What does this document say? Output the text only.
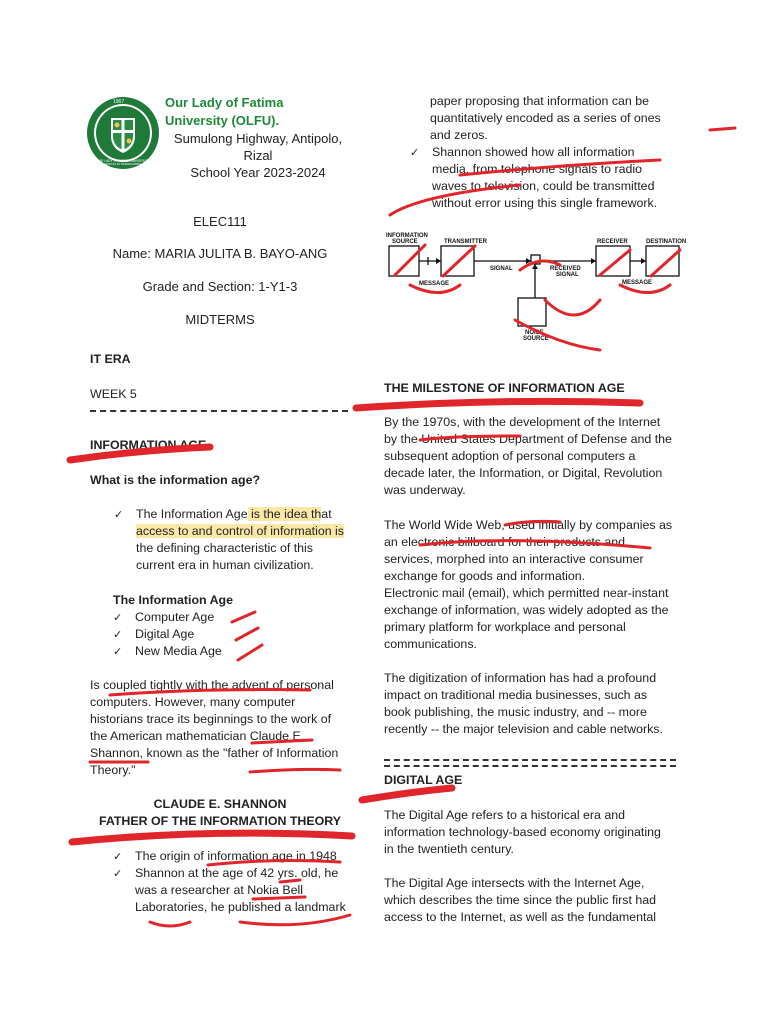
1967
OUR LADY OF FATIMA UNIVERSITY
VERITAS ET MISERICORDIA
Our Lady of Fatima
University (OLFU).
Sumulong Highway, Antipolo,
Rizal
School Year 2023-2024
ELEC111
Name: MARIA JULITA B. BAYO-ANG
Grade and Section: 1-Y1-3
MIDTERMS
IT ERA
WEEK 5
INFORMATION AGE
What is the information age?
✓ The Information Age is the idea that
access to and control of information is
the defining characteristic of this
current era in human civilization.
The Information Age
✓ Computer Age
✓ Digital Age
✓ New Media Age
Is coupled tightly with the advent of personal
computers. However, many computer
historians trace its beginnings to the work of
the American mathematician Claude E.
Shannon, known as the "father of Information
Theory."
CLAUDE E. SHANNON
FATHER OF THE INFORMATION THEORY
✓ The origin of information age in 1948
✓ Shannon at the age of 42 yrs. old, he
was a researcher at Nokia Bell
Laboratories, he published a landmark
paper proposing that information can be
quantitatively encoded as a series of ones
and zeros.
✓ Shannon showed how all information
media, from telephone signals to radio
waves to television, could be transmitted
without error using this single framework.
INFORMATION
SOURCE	TRANSMITTER
SIGNAL	RECEIVED
SIGNAL
RECEIVER	DESTINATION
MESSAGE	MESSAGE
NOISE
SOURCE
THE MILESTONE OF INFORMATION AGE
By the 1970s, with the development of the Internet
by the United States Department of Defense and the
subsequent adoption of personal computers a
decade later, the Information, or Digital, Revolution
was underway.
The World Wide Web, used initially by companies as
an electronic billboard for their products and
services, morphed into an interactive consumer
exchange for goods and information.
Electronic mail (email), which permitted near-instant
exchange of information, was widely adopted as the
primary platform for workplace and personal
communications.
The digitization of information has had a profound
impact on traditional media businesses, such as
book publishing, the music industry, and -- more
recently -- the major television and cable networks.
DIGITAL AGE
The Digital Age refers to a historical era and
information technology-based economy originating
in the twentieth century.
The Digital Age intersects with the Internet Age,
which describes the time since the public first had
access to the Internet, as well as the fundamental
